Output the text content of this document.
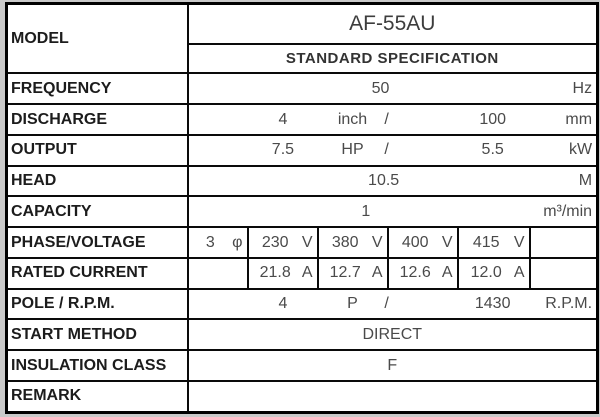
MODEL	AF-55AU					
	STANDARD SPECIFICATION					
FREQUENCY	50 Hz					

DISCHARGE	4 inch / 100 mm					

OUTPUT	7.5 HP / 5.5 kW					

HEAD	10.5 M					

CAPACITY	1 m³/min					

PHASE/VOLTAGE	3 φ	230 V	380 V	400 V	415 V	

RATED CURRENT		21.8 A	12.7 A	12.6 A	12.0 A	

POLE / R.P.M.	4 P / 1430 R.P.M.					

START METHOD	DIRECT					
INSULATION CLASS	F					
REMARK						
